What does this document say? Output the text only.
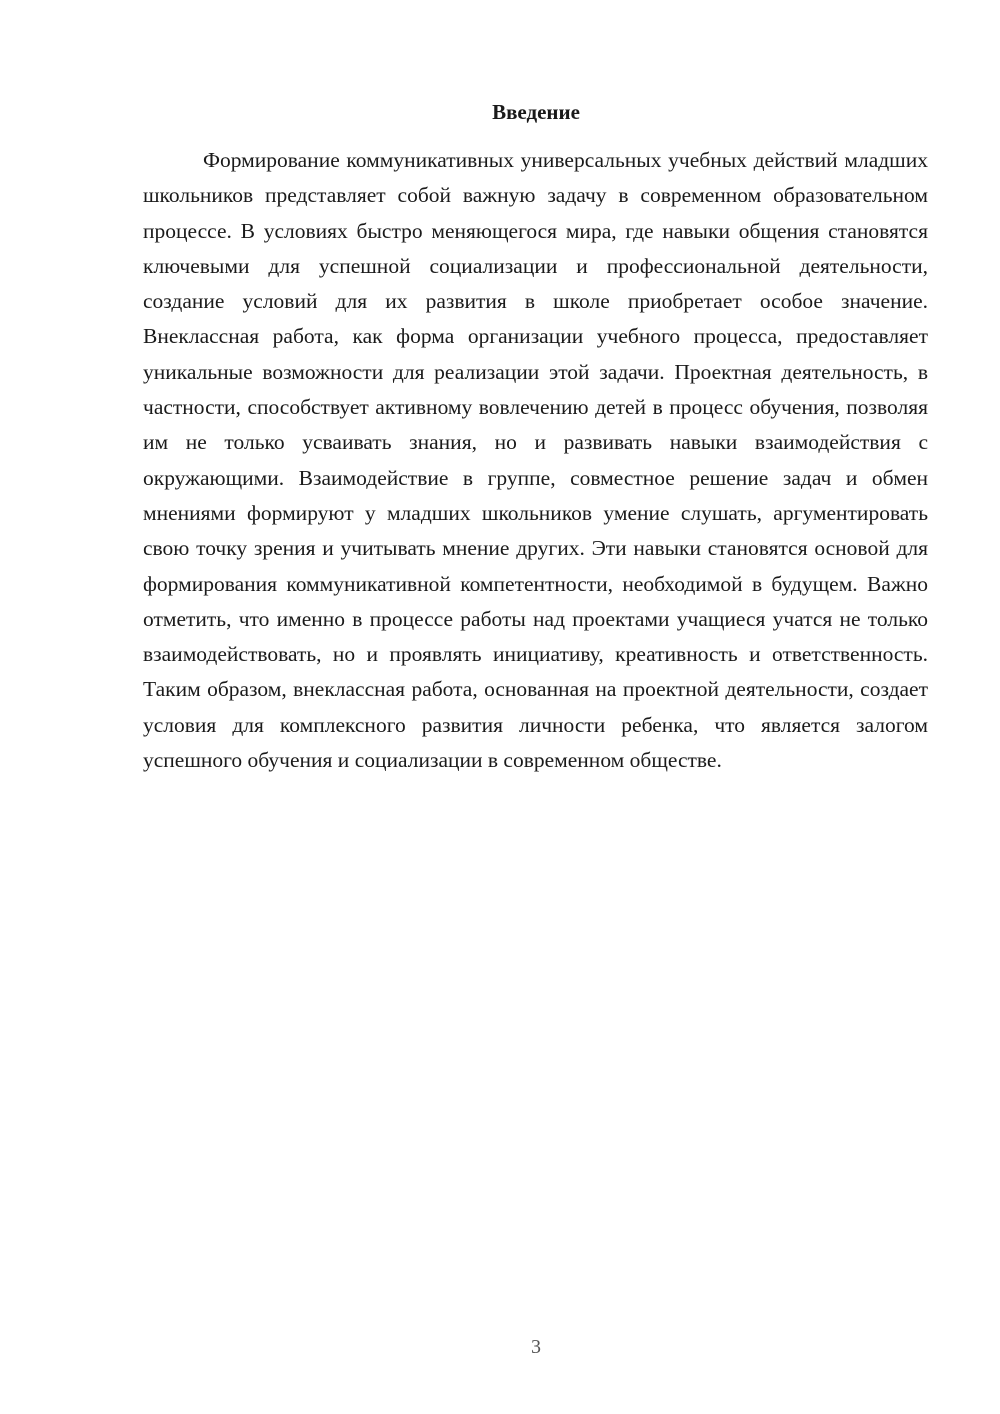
Введение

Формирование коммуникативных универсальных учебных действий младших школьников представляет собой важную задачу в современном образовательном процессе. В условиях быстро меняющегося мира, где навыки общения становятся ключевыми для успешной социализации и профессиональной деятельности, создание условий для их развития в школе приобретает особое значение. Внеклассная работа, как форма организации учебного процесса, предоставляет уникальные возможности для реализации этой задачи. Проектная деятельность, в частности, способствует активному вовлечению детей в процесс обучения, позволяя им не только усваивать знания, но и развивать навыки взаимодействия с окружающими. Взаимодействие в группе, совместное решение задач и обмен мнениями формируют у младших школьников умение слушать, аргументировать свою точку зрения и учитывать мнение других. Эти навыки становятся основой для формирования коммуникативной компетентности, необходимой в будущем. Важно отметить, что именно в процессе работы над проектами учащиеся учатся не только взаимодействовать, но и проявлять инициативу, креативность и ответственность. Таким образом, внеклассная работа, основанная на проектной деятельности, создает условия для комплексного развития личности ребенка, что является залогом успешного обучения и социализации в современном обществе.

3
